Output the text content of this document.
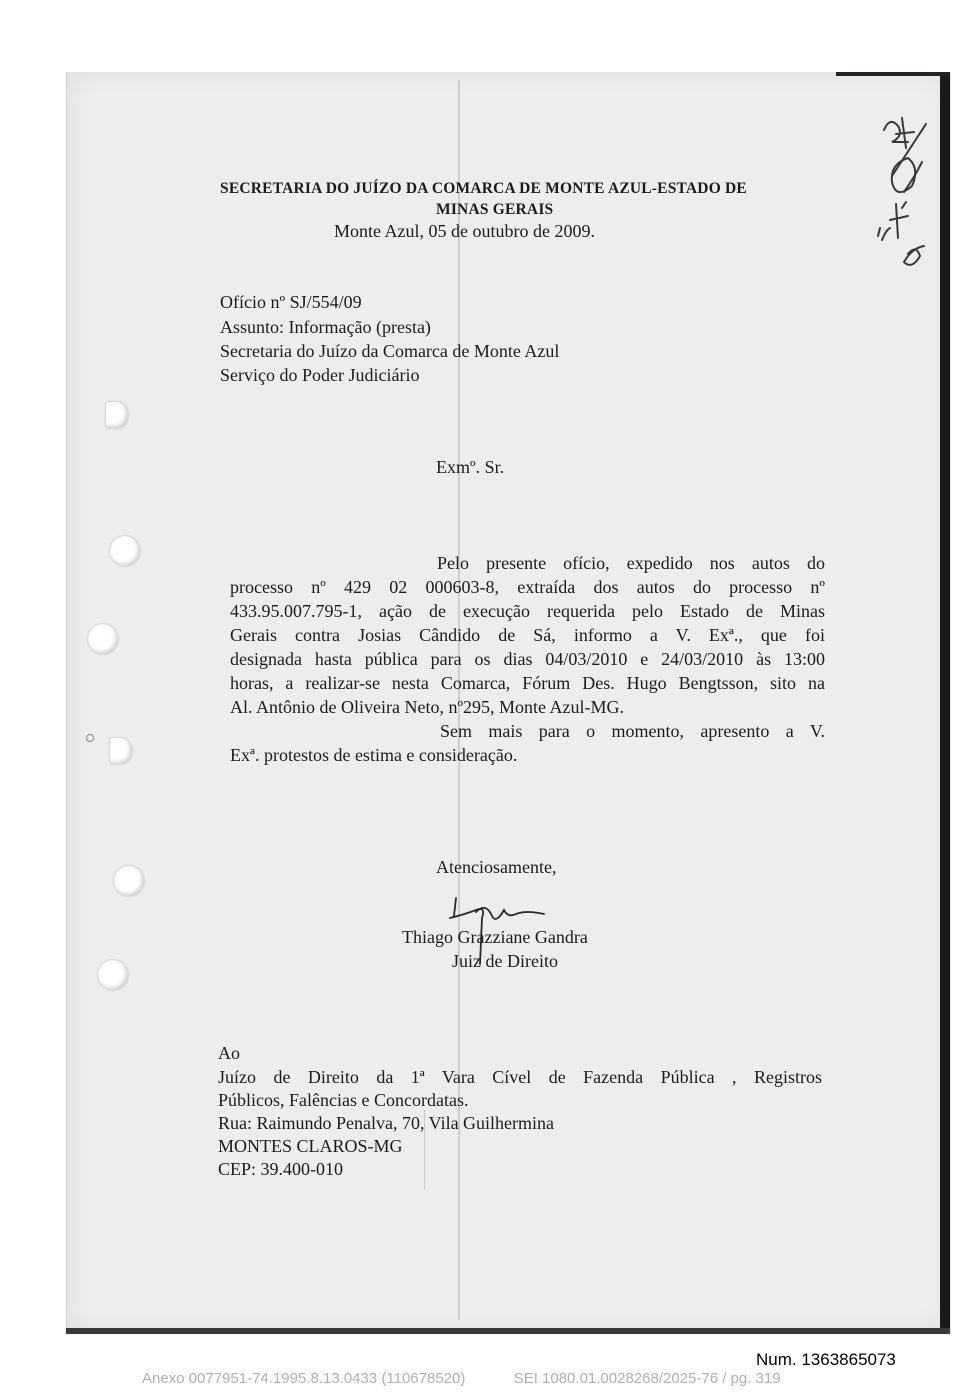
SECRETARIA DO JUÍZO DA COMARCA DE MONTE AZUL-ESTADO DE
MINAS GERAIS
Monte Azul, 05 de outubro de 2009.
Ofício nº SJ/554/09
Assunto: Informação (presta)
Secretaria do Juízo da Comarca de Monte Azul
Serviço do Poder Judiciário
Exmº. Sr.
Pelo presente ofício, expedido nos autos do
processo nº 429 02 000603-8, extraída dos autos do processo nº
433.95.007.795-1, ação de execução requerida pelo Estado de Minas
Gerais contra Josias Cândido de Sá, informo a V. Exª., que foi
designada hasta pública para os dias 04/03/2010 e 24/03/2010 às 13:00
horas, a realizar-se nesta Comarca, Fórum Des. Hugo Bengtsson, sito na
Al. Antônio de Oliveira Neto, nº295, Monte Azul-MG.
Sem mais para o momento, apresento a V.
Exª. protestos de estima e consideração.
Atenciosamente,
Thiago Grazziane Gandra
Juiz de Direito
Ao
Juízo de Direito da 1ª Vara Cível de Fazenda Pública , Registros
Públicos, Falências e Concordatas.
Rua: Raimundo Penalva, 70, Vila Guilhermina
MONTES CLAROS-MG
CEP: 39.400-010
Num. 1363865073
Anexo 0077951-74.1995.8.13.0433 (110678520)	SEI 1080.01.0028268/2025-76 / pg. 319
